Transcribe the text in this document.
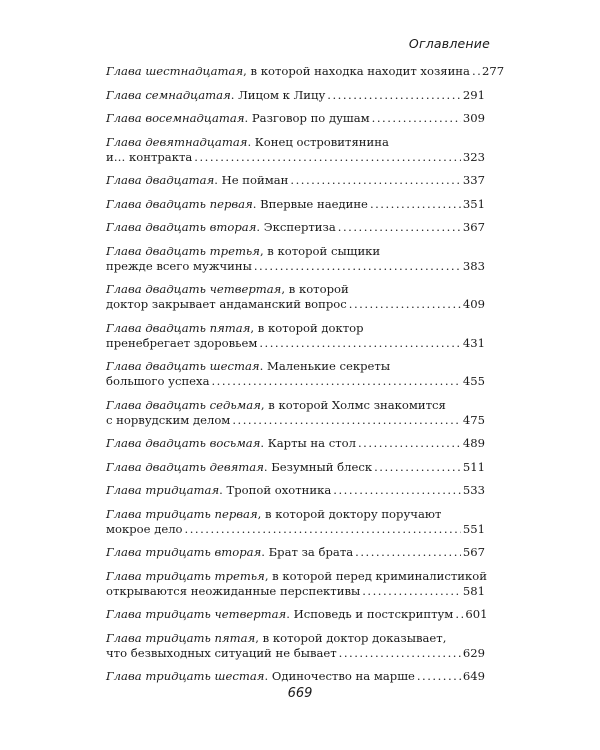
Оглавление
Глава шестнадцатая , в которой находка находит хозяина ..... 277
Глава семнадцатая . Лицом к Лицу .....	291
Глава восемнадцатая . Разговор по душам .....	309
Глава девятнадцатая . Конец островитянина
и… контракта .....	323
Глава двадцатая . Не пойман .....	337
Глава двадцать первая . Впервые наедине .....	351
Глава двадцать вторая . Экспертиза .....	367
Глава двадцать третья , в которой сыщики
прежде всего мужчины .....	383
Глава двадцать четвертая , в которой
доктор закрывает андаманский вопрос .....	409
Глава двадцать пятая , в которой доктор
пренебрегает здоровьем .....	431
Глава двадцать шестая . Маленькие секреты
большого успеха .....	455
Глава двадцать седьмая , в которой Холмс знакомится
с норвудским делом .....	475
Глава двадцать восьмая . Карты на стол .....	489
Глава двадцать девятая . Безумный блеск .....	511
Глава тридцатая . Тропой охотника .....	533
Глава тридцать первая , в которой доктору поручают
мокрое дело .....	551
Глава тридцать вторая . Брат за брата .....	567
Глава тридцать третья , в которой перед криминалистикой
открываются неожиданные перспективы .....	581
Глава тридцать четвертая . Исповедь и постскриптум ..... 601
Глава тридцать пятая , в которой доктор доказывает,
что безвыходных ситуаций не бывает .....	629
Глава тридцать шестая . Одиночество на марше .....	649
669
